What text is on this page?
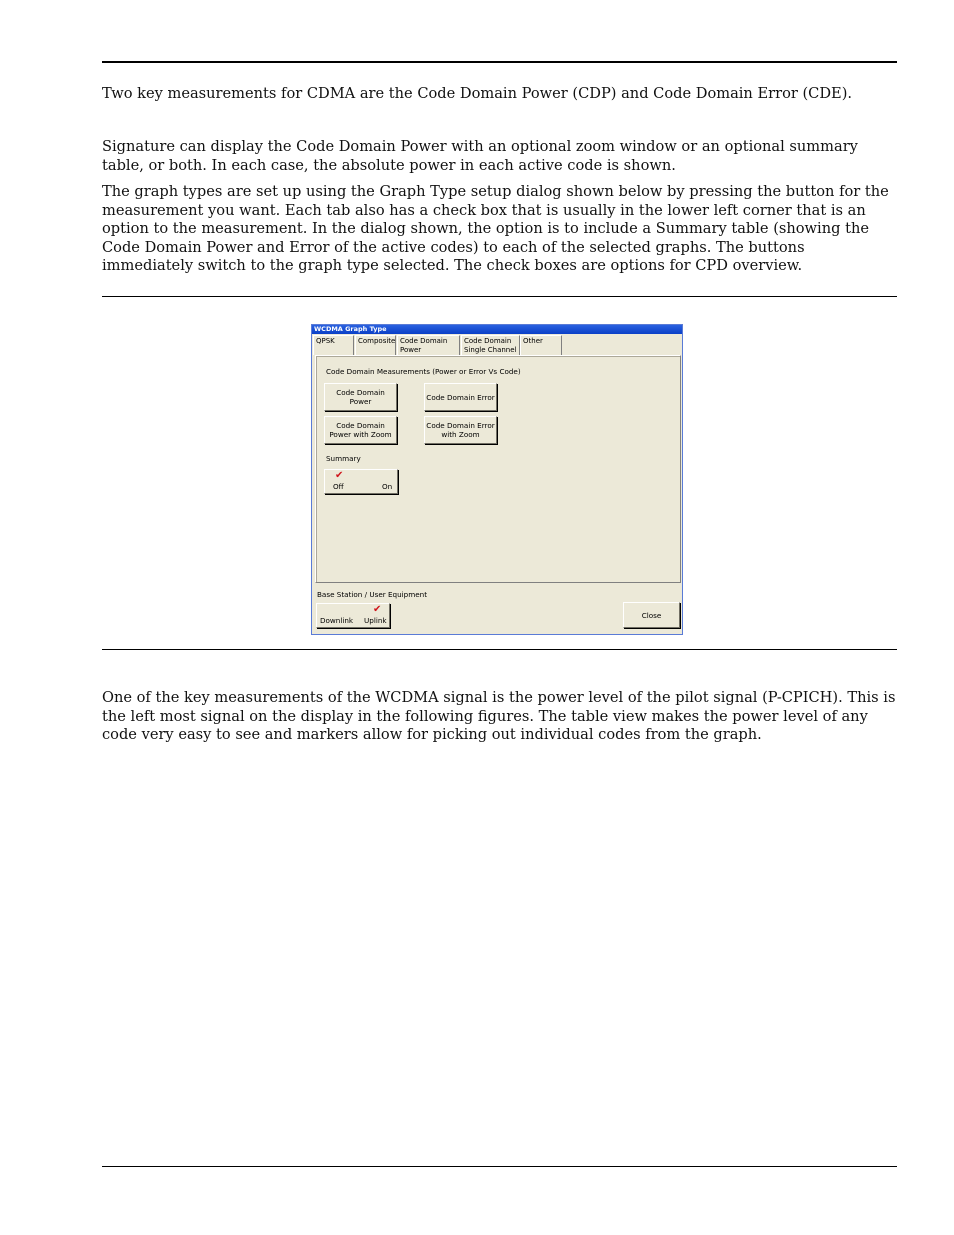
Two key measurements for CDMA are the Code Domain Power (CDP) and Code Domain Error (CDE).

Signature can display the Code Domain Power with an optional zoom window or an optional summary table, or both. In each case, the absolute power in each active code is shown.

The graph types are set up using the Graph Type setup dialog shown below by pressing the button for the measurement you want. Each tab also has a check box that is usually in the lower left corner that is an option to the measurement. In the dialog shown, the option is to include a Summary table (showing the Code Domain Power and Error of the active codes) to each of the selected graphs. The buttons immediately switch to the graph type selected. The check boxes are options for CPD overview.

One of the key measurements of the WCDMA signal is the power level of the pilot signal (P-CPICH). This is the left most signal on the display in the following figures. The table view makes the power level of any code very easy to see and markers allow for picking out individual codes from the graph.

WCDMA Graph Type
QPSK	Composite Code Domain Power
Code Domain Single Channel
Other
Code Domain Measurements (Power or Error Vs Code)
Code Domain
Power	Code Domain Error
Code Domain
Power with Zoom
Code Domain Error
with Zoom
Summary

✔

Off	On

Base Station / User Equipment

Downlink

✔

Uplink

Close
